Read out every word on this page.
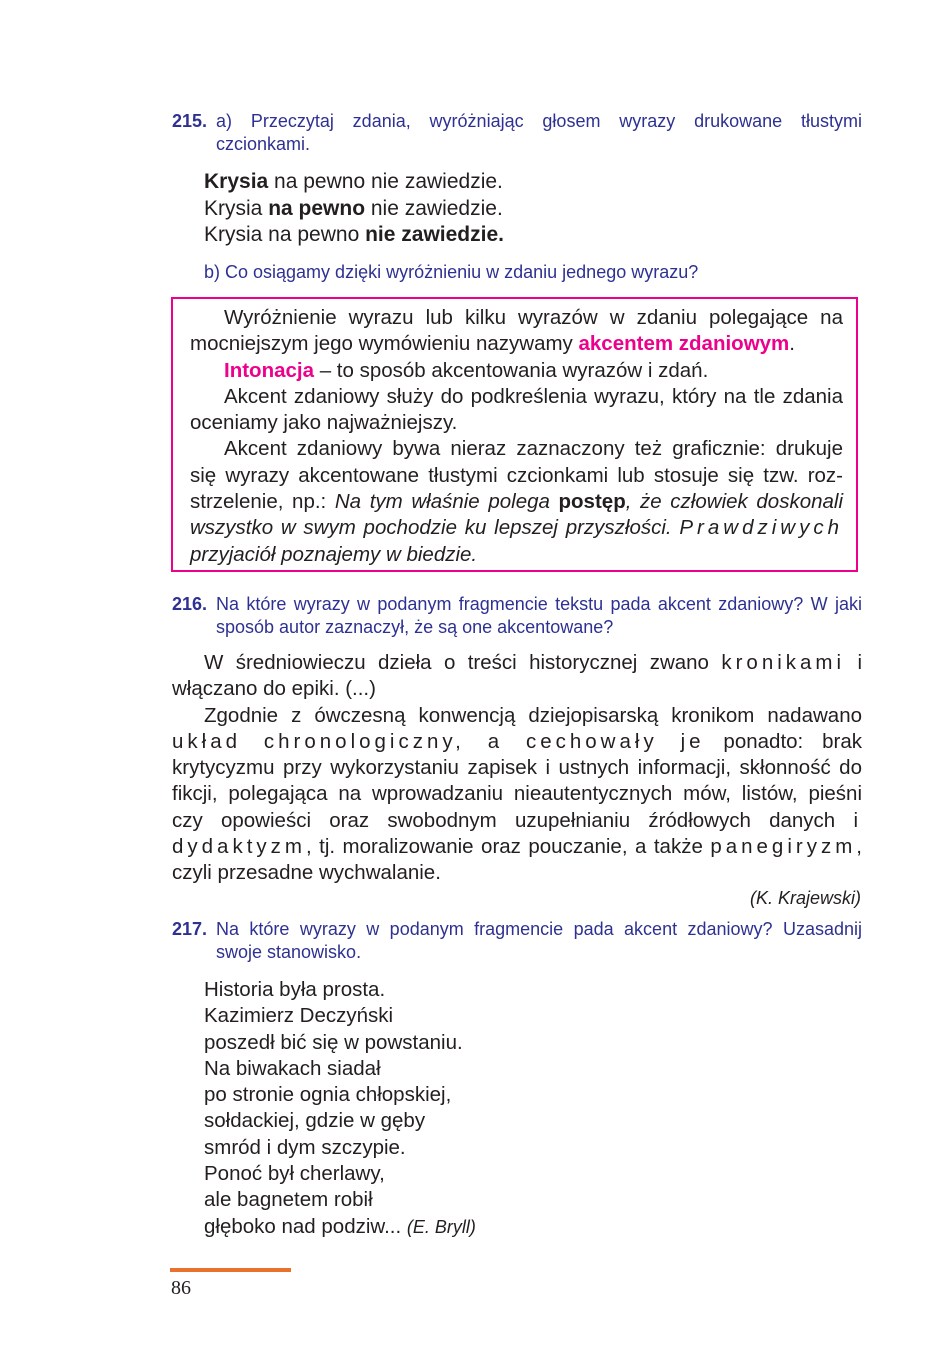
215. a) Przeczytaj zdania, wyróżniając głosem wyrazy drukowane tłustymi czcionkami.
Krysia na pewno nie zawiedzie.
Krysia na pewno nie zawiedzie.
Krysia na pewno nie zawiedzie.
b) Co osiągamy dzięki wyróżnieniu w zdaniu jednego wyrazu?

Wyróżnienie wyrazu lub kilku wyrazów w zdaniu polegające na mocniejszym jego wymówieniu nazywamy akcentem zdaniowym.

Intonacja – to sposób akcentowania wyrazów i zdań.

Akcent zdaniowy służy do podkreślenia wyrazu, który na tle zdania oceniamy jako najważniejszy.

Akcent zdaniowy bywa nieraz zaznaczony też graficznie: drukuje się wyrazy akcentowane tłustymi czcionkami lub stosuje się tzw. roz-strzelenie, np.: Na tym właśnie polega postęp, że człowiek doskonali wszystko w swym pochodzie ku lepszej przyszłości. Prawdziwych przyjaciół poznajemy w biedzie.

216. Na które wyrazy w podanym fragmencie tekstu pada akcent zdaniowy? W jaki sposób autor zaznaczył, że są one akcentowane?

W średniowieczu dzieła o treści historycznej zwano kronikami i włączano do epiki. (...)

Zgodnie z ówczesną konwencją dziejopisarską kronikom nadawano układ chronologiczny, a cechowały je ponadto: brak krytycyzmu przy wykorzystaniu zapisek i ustnych informacji, skłonność do fikcji, polegająca na wprowadzaniu nieautentycznych mów, listów, pieśni czy opowieści oraz swobodnym uzupełnianiu źródłowych danych i dydaktyzm, tj. moralizowanie oraz pouczanie, a także panegiryzm, czyli przesadne wychwalanie.

(K. Krajewski)
217. Na które wyrazy w podanym fragmencie pada akcent zdaniowy? Uzasadnij swoje stanowisko.
Historia była prosta.
Kazimierz Deczyński
poszedł bić się w powstaniu.
Na biwakach siadał
po stronie ognia chłopskiej,
sołdackiej, gdzie w gęby
smród i dym szczypie.
Ponoć był cherlawy,
ale bagnetem robił
głęboko nad podziw... (E. Bryll)
86
